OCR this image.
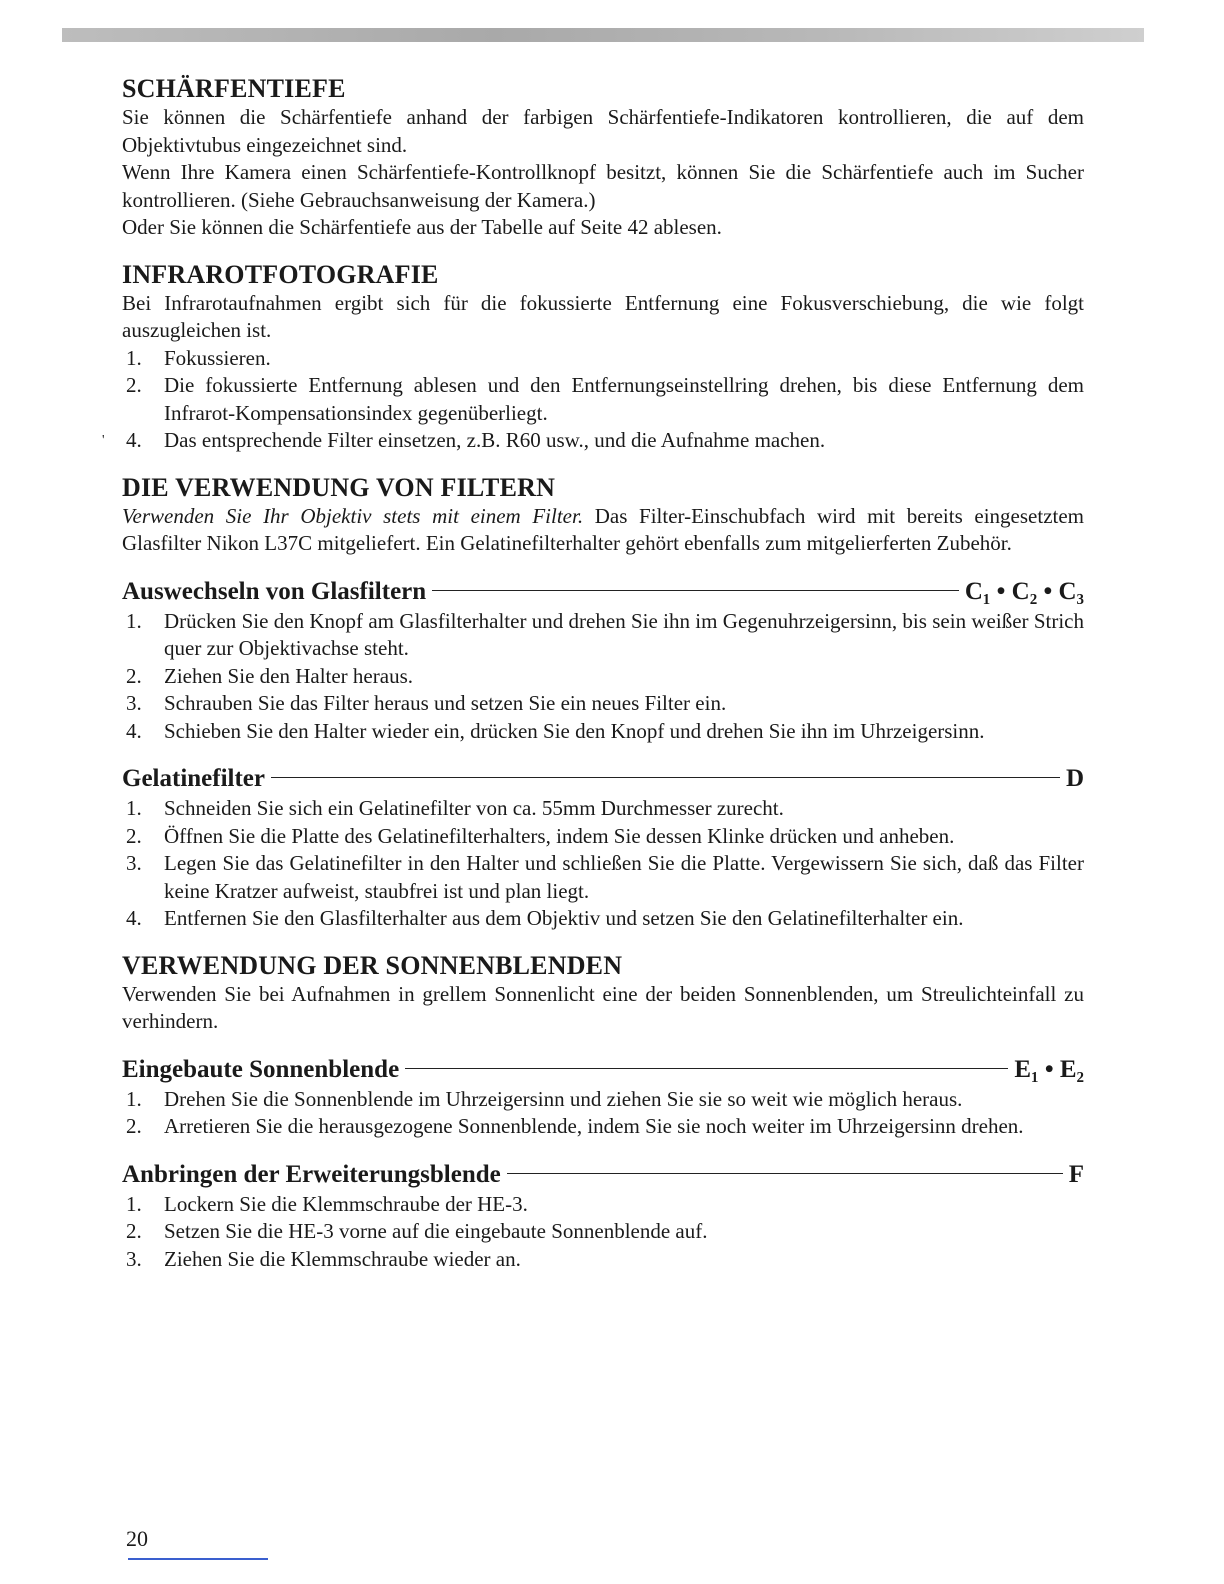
SCHÄRFENTIEFE

Sie können die Schärfentiefe anhand der farbigen Schärfentiefe-Indikatoren kontrollieren, die auf dem Objektivtubus eingezeichnet sind.

Wenn Ihre Kamera einen Schärfentiefe-Kontrollknopf besitzt, können Sie die Schärfentiefe auch im Sucher kontrollieren. (Siehe Gebrauchsanweisung der Kamera.)

Oder Sie können die Schärfentiefe aus der Tabelle auf Seite 42 ablesen.

INFRAROTFOTOGRAFIE

Bei Infrarotaufnahmen ergibt sich für die fokussierte Entfernung eine Fokusverschiebung, die wie folgt auszugleichen ist.

1. Fokussieren.
2. Die fokussierte Entfernung ablesen und den Entfernungseinstellring drehen, bis diese Entfernung dem Infrarot-Kompensationsindex gegenüberliegt.
' 4. Das entsprechende Filter einsetzen, z.B. R60 usw., und die Aufnahme machen.
DIE VERWENDUNG VON FILTERN

Verwenden Sie Ihr Objektiv stets mit einem Filter. Das Filter-Einschubfach wird mit bereits eingesetztem Glasfilter Nikon L37C mitgeliefert. Ein Gelatinefilterhalter gehört ebenfalls zum mitgelierferten Zubehör.

Auswechseln von Glasfiltern	C₁ • C₂ • C₃
1. Drücken Sie den Knopf am Glasfilterhalter und drehen Sie ihn im Gegenuhrzeigersinn, bis sein weißer Strich quer zur Objektivachse steht.
2. Ziehen Sie den Halter heraus.
3. Schrauben Sie das Filter heraus und setzen Sie ein neues Filter ein.
4. Schieben Sie den Halter wieder ein, drücken Sie den Knopf und drehen Sie ihn im Uhrzeigersinn.
Gelatinefilter	D
1. Schneiden Sie sich ein Gelatinefilter von ca. 55mm Durchmesser zurecht.
2. Öffnen Sie die Platte des Gelatinefilterhalters, indem Sie dessen Klinke drücken und anheben.
3. Legen Sie das Gelatinefilter in den Halter und schließen Sie die Platte. Vergewissern Sie sich, daß das Filter keine Kratzer aufweist, staubfrei ist und plan liegt.
4. Entfernen Sie den Glasfilterhalter aus dem Objektiv und setzen Sie den Gelatinefilterhalter ein.
VERWENDUNG DER SONNENBLENDEN

Verwenden Sie bei Aufnahmen in grellem Sonnenlicht eine der beiden Sonnenblenden, um Streulichteinfall zu verhindern.

Eingebaute Sonnenblende	E₁ • E₂
1. Drehen Sie die Sonnenblende im Uhrzeigersinn und ziehen Sie sie so weit wie möglich heraus.
2. Arretieren Sie die herausgezogene Sonnenblende, indem Sie sie noch weiter im Uhrzeigersinn drehen.
Anbringen der Erweiterungsblende	F
1. Lockern Sie die Klemmschraube der HE-3.
2. Setzen Sie die HE-3 vorne auf die eingebaute Sonnenblende auf.
3. Ziehen Sie die Klemmschraube wieder an.
20
